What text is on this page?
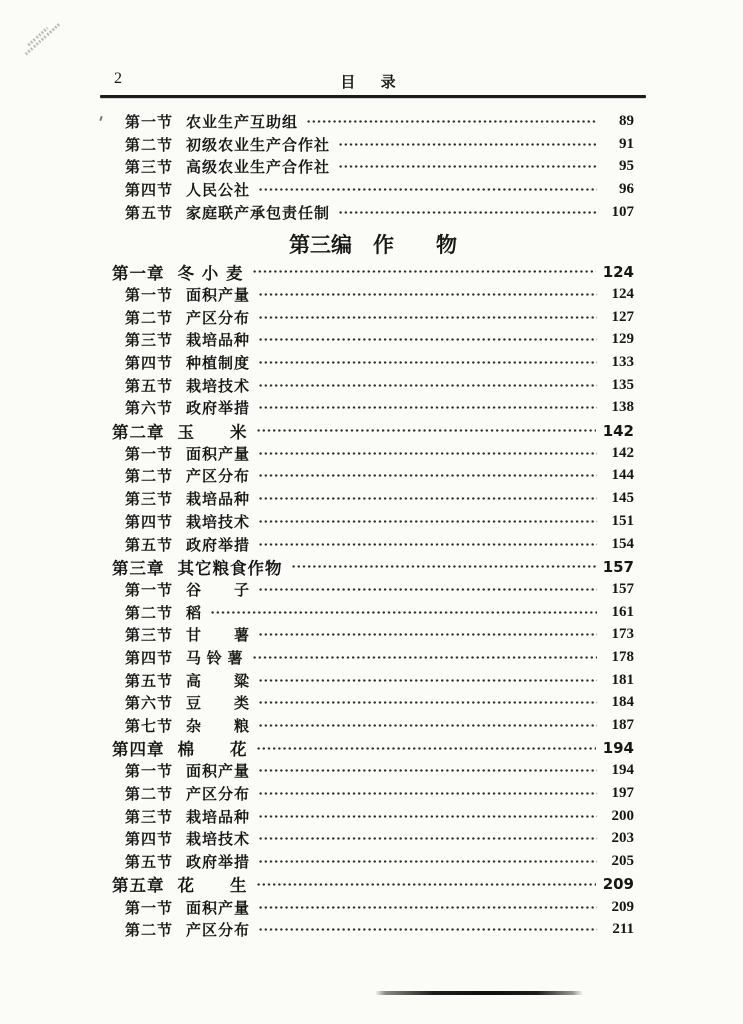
2	目 录
第一节 农业生产互助组	89
第二节 初级农业生产合作社	91
第三节 高级农业生产合作社	95
第四节 人民公社	96
第五节 家庭联产承包责任制	107
第三编　作　　物
第一章 冬 小 麦	124
第一节 面积产量	124
第二节 产区分布	127
第三节 栽培品种	129
第四节 种植制度	133
第五节 栽培技术	135
第六节 政府举措	138
第二章 玉　　米	142
第一节 面积产量	142
第二节 产区分布	144
第三节 栽培品种	145
第四节 栽培技术	151
第五节 政府举措	154
第三章 其它粮食作物	157
第一节 谷　　子	157
第二节 稻	161
第三节 甘　　薯	173
第四节 马 铃 薯	178
第五节 高　　粱	181
第六节 豆　　类	184
第七节 杂　　粮	187
第四章 棉　　花	194
第一节 面积产量	194
第二节 产区分布	197
第三节 栽培品种	200
第四节 栽培技术	203
第五节 政府举措	205
第五章 花　　生	209
第一节 面积产量	209
第二节 产区分布	211
